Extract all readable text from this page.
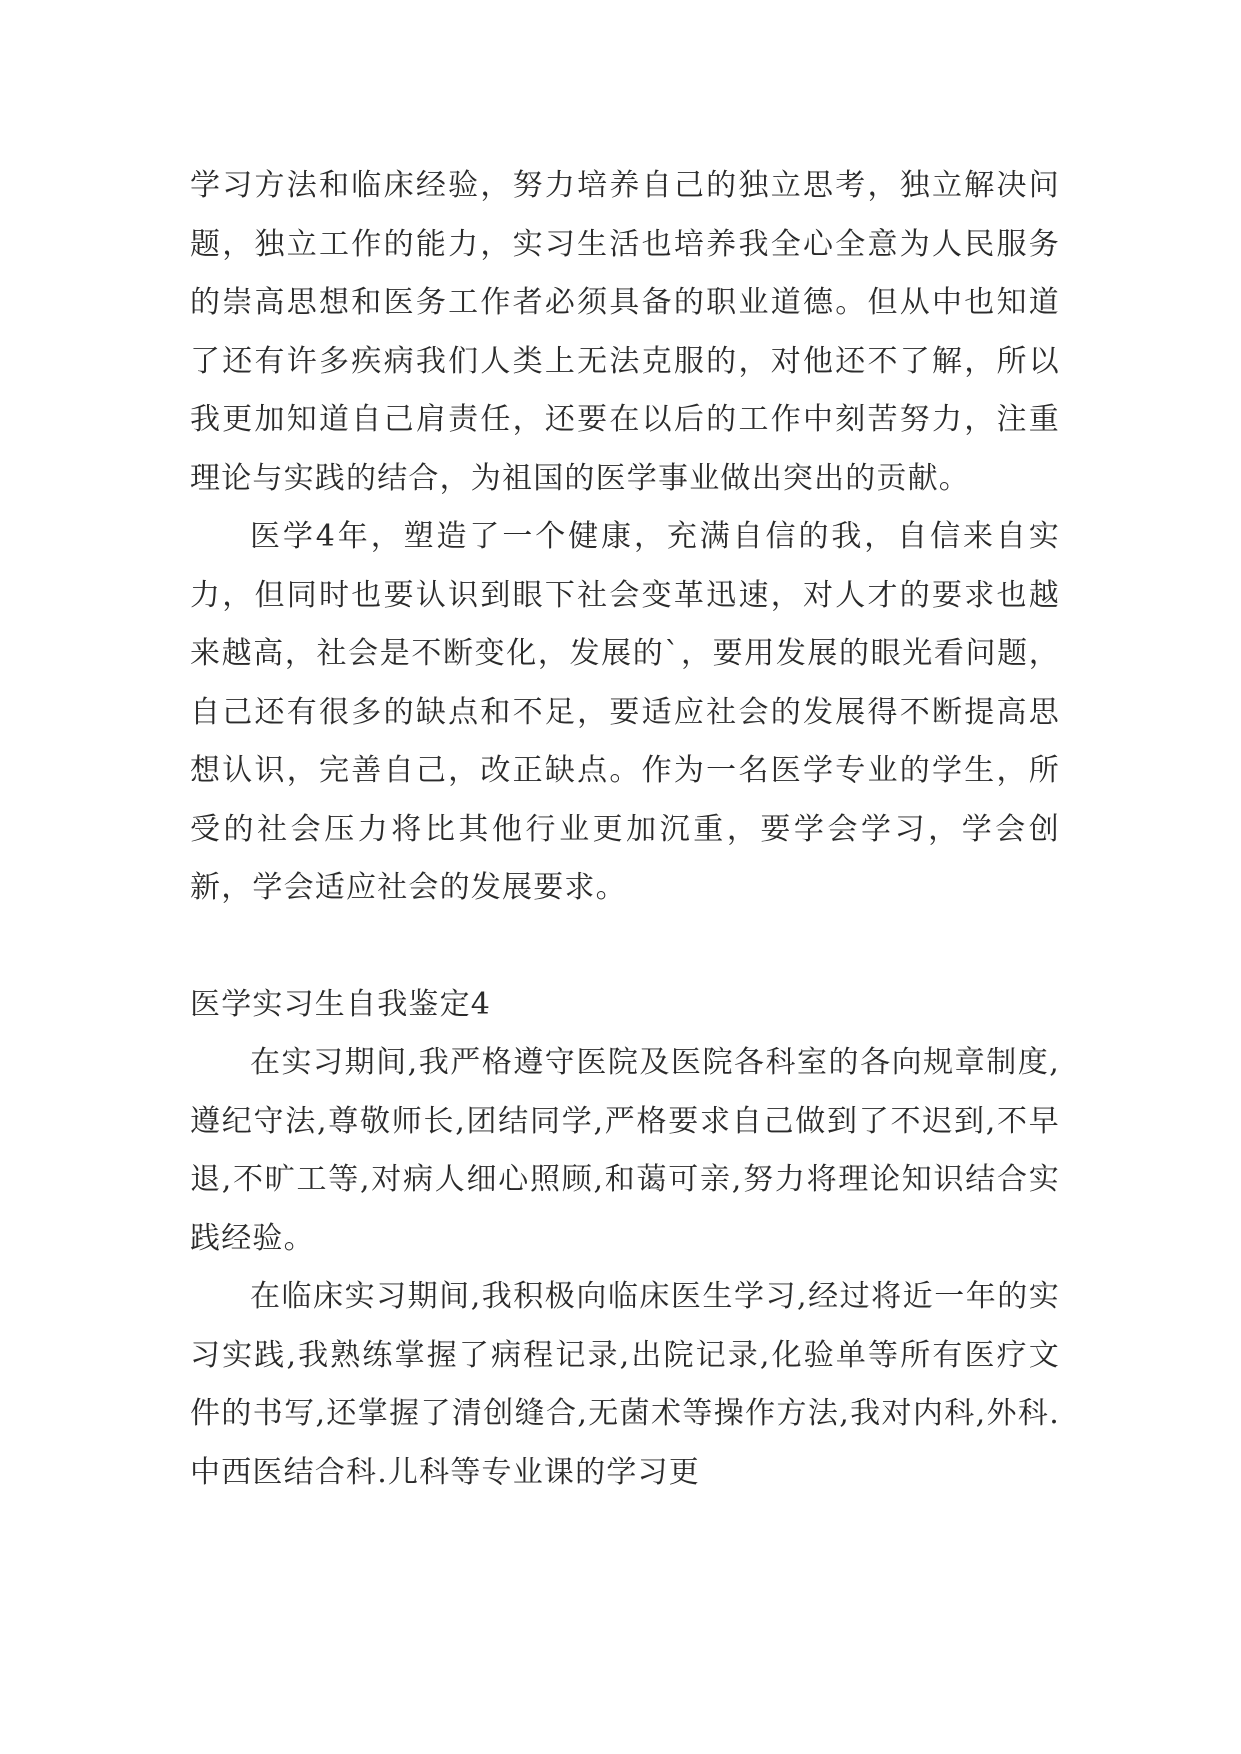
学习方法和临床经验，努力培养自己的独立思考，独立解决问题，独立工作的能力，实习生活也培养我全心全意为人民服务的崇高思想和医务工作者必须具备的职业道德。但从中也知道了还有许多疾病我们人类上无法克服的，对他还不了解，所以我更加知道自己肩责任，还要在以后的工作中刻苦努力，注重理论与实践的结合，为祖国的医学事业做出突出的贡献。

医学4年，塑造了一个健康，充满自信的我，自信来自实力，但同时也要认识到眼下社会变革迅速，对人才的要求也越来越高，社会是不断变化，发展的`，要用发展的眼光看问题，自己还有很多的缺点和不足，要适应社会的发展得不断提高思想认识，完善自己，改正缺点。作为一名医学专业的学生，所受的社会压力将比其他行业更加沉重，要学会学习，学会创新，学会适应社会的发展要求。

医学实习生自我鉴定4

在实习期间,我严格遵守医院及医院各科室的各向规章制度,遵纪守法,尊敬师长,团结同学,严格要求自己做到了不迟到,不早退,不旷工等,对病人细心照顾,和蔼可亲,努力将理论知识结合实践经验。

在临床实习期间,我积极向临床医生学习,经过将近一年的实习实践,我熟练掌握了病程记录,出院记录,化验单等所有医疗文件的书写,还掌握了清创缝合,无菌术等操作方法,我对内科,外科.中西医结合科.儿科等专业课的学习更
